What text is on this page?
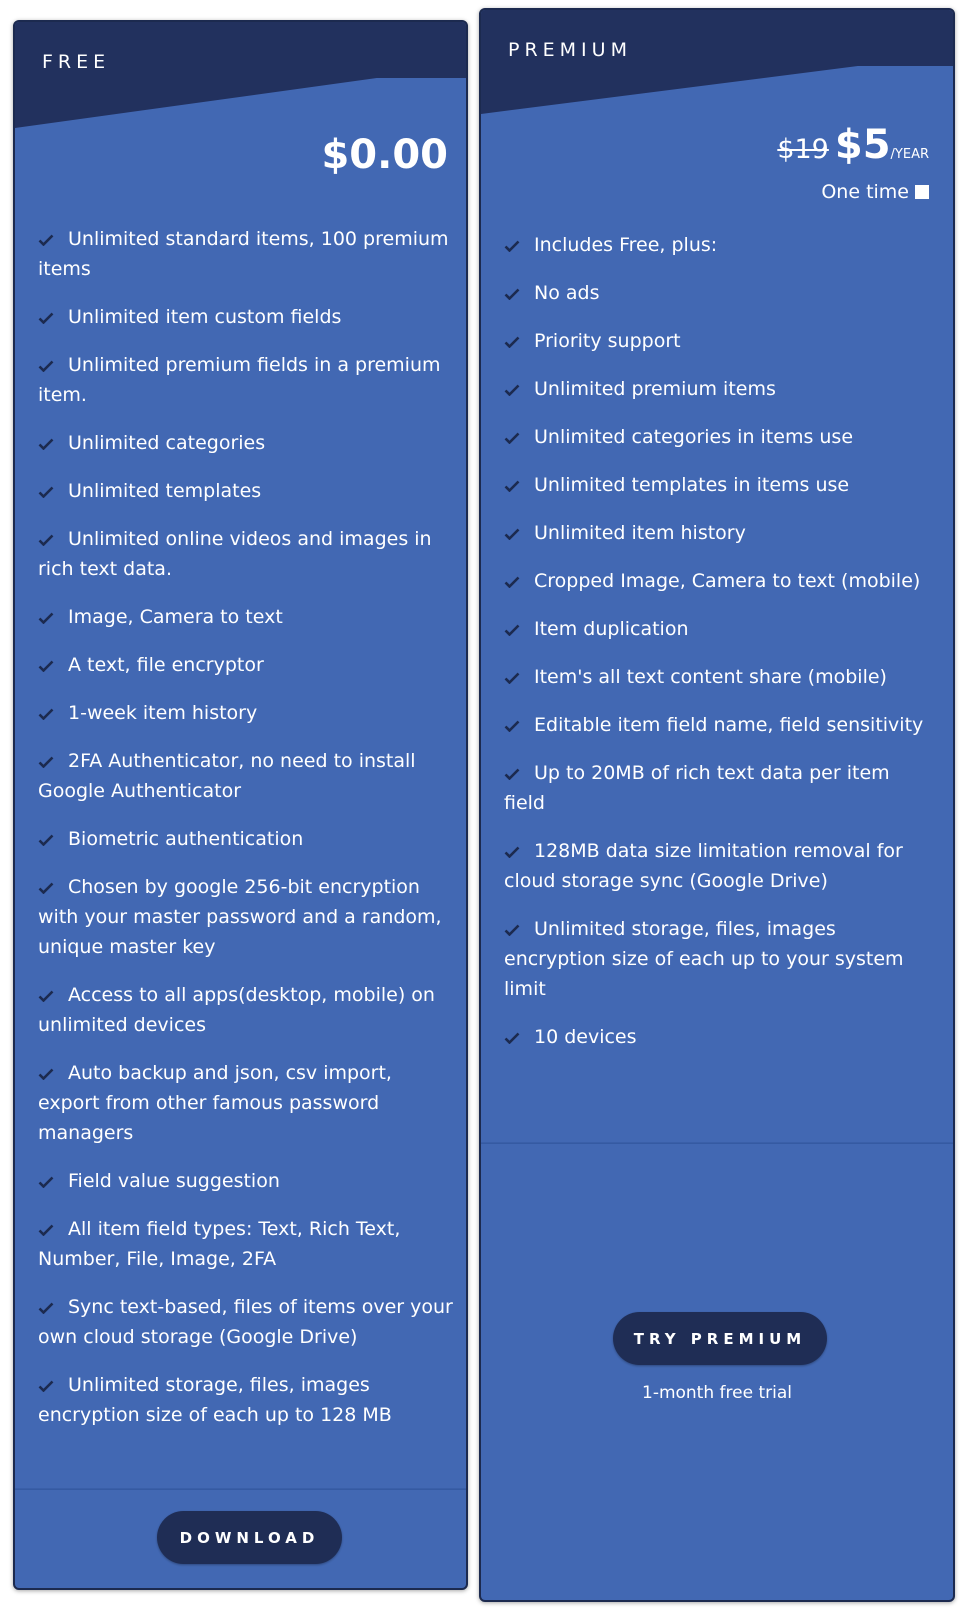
FREE
$0.00
Unlimited standard items, 100 premium items
Unlimited item custom fields
Unlimited premium fields in a premium item.
Unlimited categories
Unlimited templates
Unlimited online videos and images in rich text data.
Image, Camera to text
A text, file encryptor
1-week item history
2FA Authenticator, no need to install Google Authenticator
Biometric authentication
Chosen by google 256-bit encryption with your master password and a random, unique master key
Access to all apps(desktop, mobile) on unlimited devices
Auto backup and json, csv import, export from other famous password managers
Field value suggestion
All item field types: Text, Rich Text, Number, File, Image, 2FA
Sync text-based, files of items over your own cloud storage (Google Drive)
Unlimited storage, files, images encryption size of each up to 128 MB
DOWNLOAD
PREMIUM
$19 $5/YEAR
One time
Includes Free, plus:
No ads
Priority support
Unlimited premium items
Unlimited categories in items use
Unlimited templates in items use
Unlimited item history
Cropped Image, Camera to text (mobile)
Item duplication
Item's all text content share (mobile)
Editable item field name, field sensitivity
Up to 20MB of rich text data per item field
128MB data size limitation removal for cloud storage sync (Google Drive)
Unlimited storage, files, images encryption size of each up to your system limit
10 devices
TRY PREMIUM
1-month free trial
